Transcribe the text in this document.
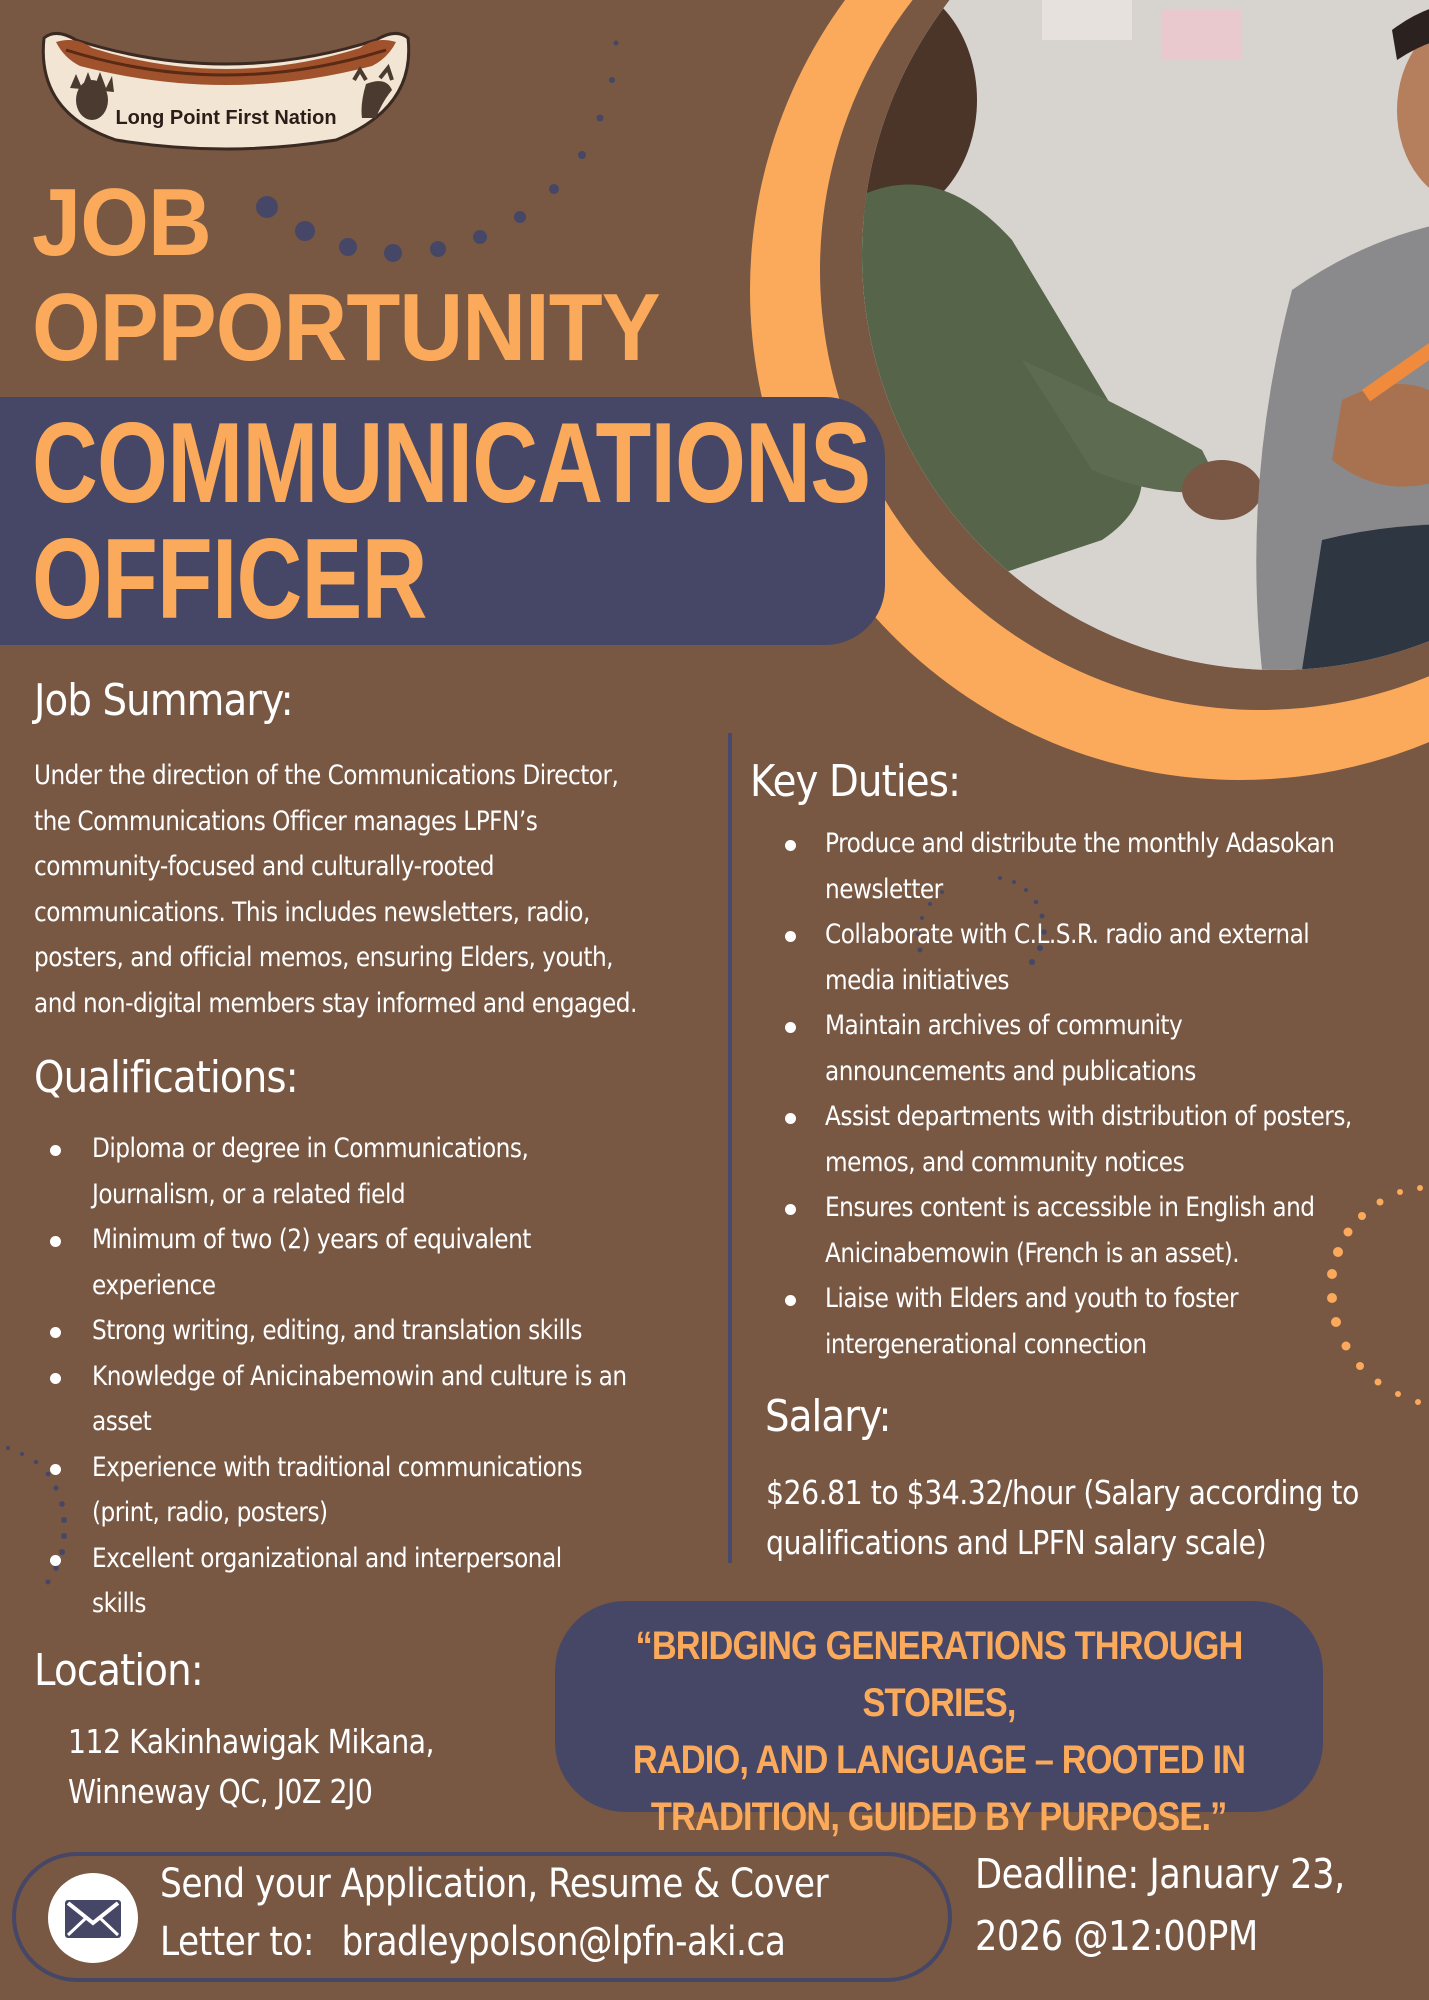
Long Point First Nation
JOB
OPPORTUNITY
COMMUNICATIONS
OFFICER
Job Summary:
Under the direction of the Communications Director,
the Communications Officer manages LPFN’s
community-focused and culturally-rooted
communications. This includes newsletters, radio,
posters, and official memos, ensuring Elders, youth,
and non-digital members stay informed and engaged.
Qualifications:
Diploma or degree in Communications,
Journalism, or a related field
Minimum of two (2) years of equivalent
experience
Strong writing, editing, and translation skills
Knowledge of Anicinabemowin and culture is an
asset
Experience with traditional communications
(print, radio, posters)
Excellent organizational and interpersonal
skills
Key Duties:
Produce and distribute the monthly Adasokan
newsletter
Collaborate with C.L.S.R. radio and external
media initiatives
Maintain archives of community
announcements and publications
Assist departments with distribution of posters,
memos, and community notices
Ensures content is accessible in English and
Anicinabemowin (French is an asset).
Liaise with Elders and youth to foster
intergenerational connection
Salary:
$26.81 to $34.32/hour (Salary according to
qualifications and LPFN salary scale)
Location:
112 Kakinhawigak Mikana,
Winneway QC, J0Z 2J0
“BRIDGING GENERATIONS THROUGH STORIES,
RADIO, AND LANGUAGE – ROOTED IN
TRADITION, GUIDED BY PURPOSE.”
Send your Application, Resume & Cover
Letter to: bradleypolson@lpfn-aki.ca
Deadline: January 23,
2026 @12:00PM
